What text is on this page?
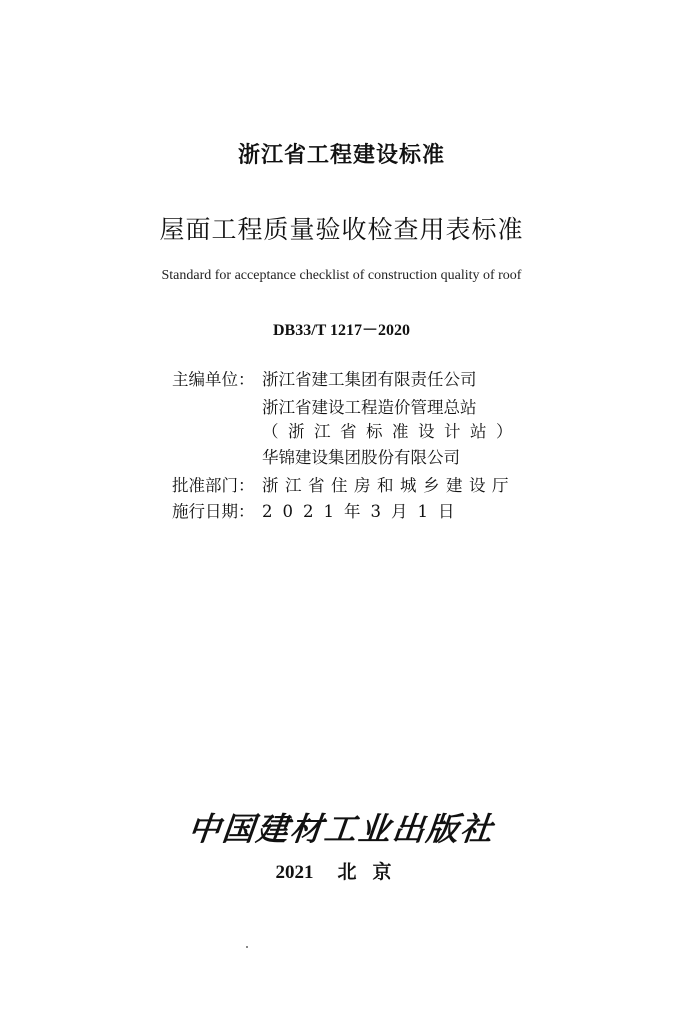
浙江省工程建设标准
屋面工程质量验收检查用表标准
Standard for acceptance checklist of construction quality of roof
DB33/T 1217－2020
主编单位： 浙江省建工集团有限责任公司
浙江省建设工程造价管理总站
（浙江省标准设计站）
华锦建设集团股份有限公司
批准部门： 浙江省住房和城乡建设厅
施行日期： 2021年3月1日
中国建材工业出版社
2021 北京
